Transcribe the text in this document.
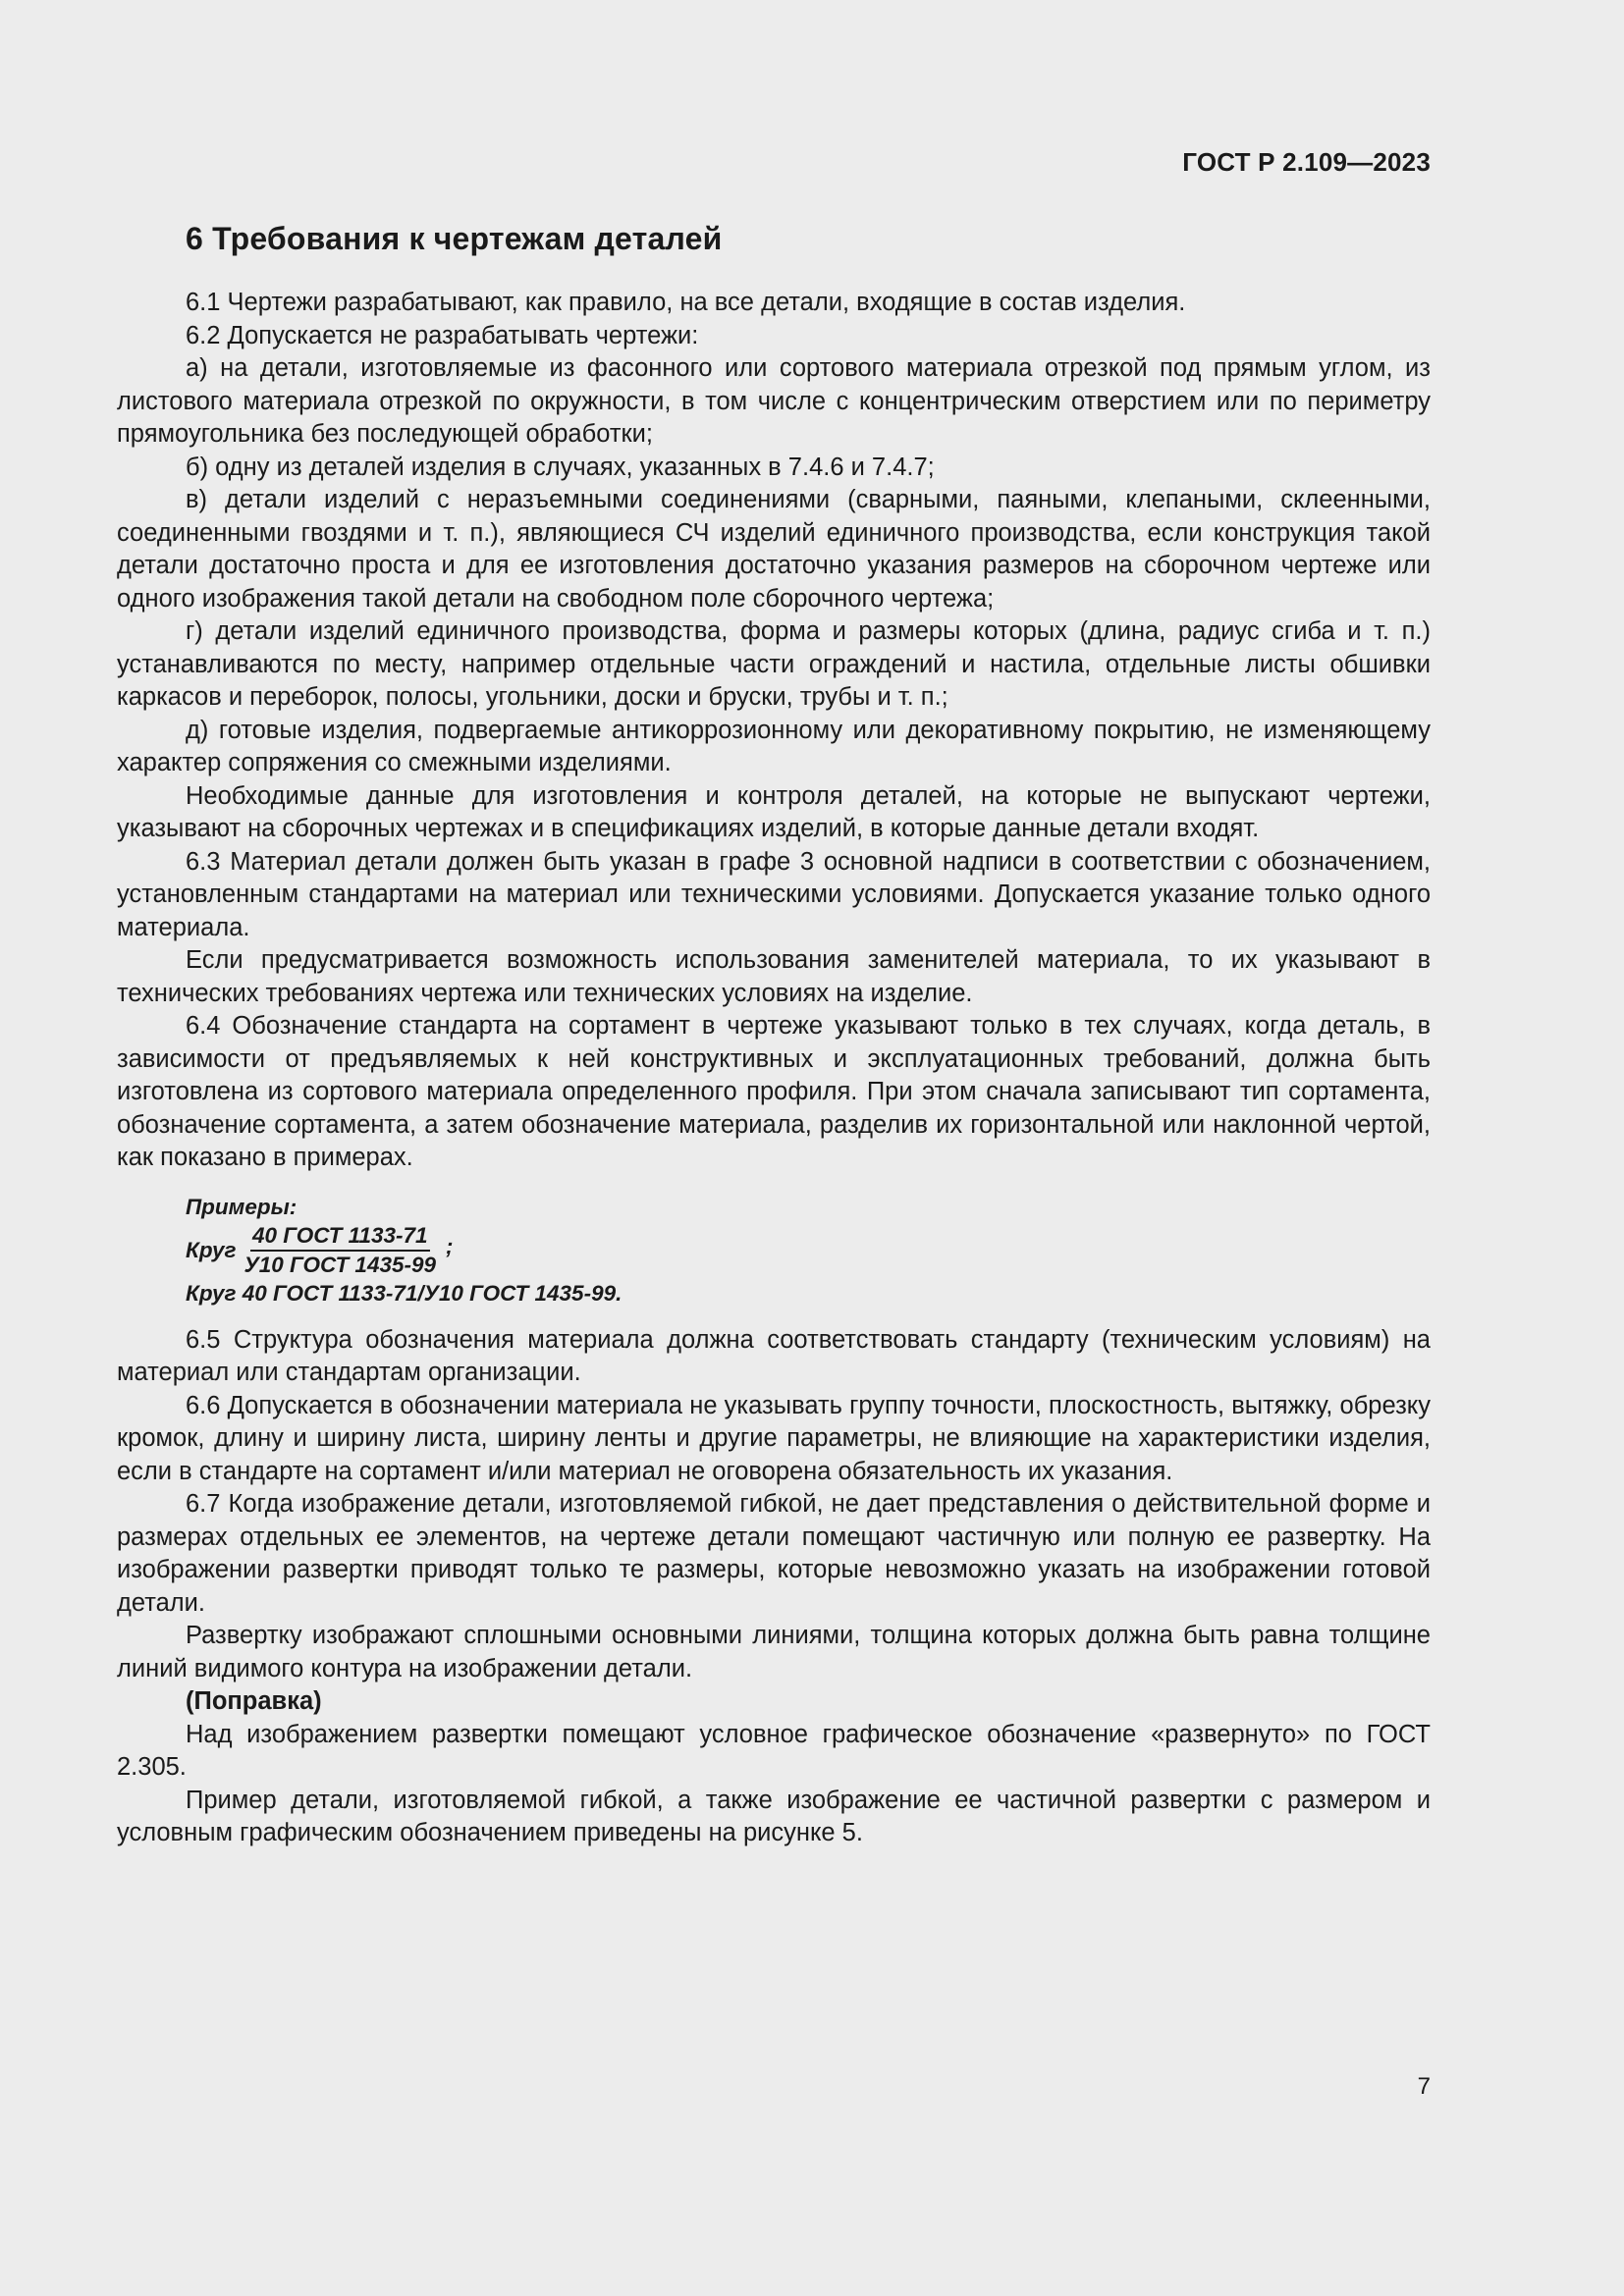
ГОСТ Р 2.109—2023
6 Требования к чертежам деталей

6.1 Чертежи разрабатывают, как правило, на все детали, входящие в состав изделия.

6.2 Допускается не разрабатывать чертежи:

а) на детали, изготовляемые из фасонного или сортового материала отрезкой под прямым углом, из листового материала отрезкой по окружности, в том числе с концентрическим отверстием или по периметру прямоугольника без последующей обработки;

б) одну из деталей изделия в случаях, указанных в 7.4.6 и 7.4.7;

в) детали изделий с неразъемными соединениями (сварными, паяными, клепаными, склеенными, соединенными гвоздями и т. п.), являющиеся СЧ изделий единичного производства, если конструкция такой детали достаточно проста и для ее изготовления достаточно указания размеров на сборочном чертеже или одного изображения такой детали на свободном поле сборочного чертежа;

г) детали изделий единичного производства, форма и размеры которых (длина, радиус сгиба и т. п.) устанавливаются по месту, например отдельные части ограждений и настила, отдельные листы обшивки каркасов и переборок, полосы, угольники, доски и бруски, трубы и т. п.;

д) готовые изделия, подвергаемые антикоррозионному или декоративному покрытию, не изменяющему характер сопряжения со смежными изделиями.

Необходимые данные для изготовления и контроля деталей, на которые не выпускают чертежи, указывают на сборочных чертежах и в спецификациях изделий, в которые данные детали входят.

6.3 Материал детали должен быть указан в графе 3 основной надписи в соответствии с обозначением, установленным стандартами на материал или техническими условиями. Допускается указание только одного материала.

Если предусматривается возможность использования заменителей материала, то их указывают в технических требованиях чертежа или технических условиях на изделие.

6.4 Обозначение стандарта на сортамент в чертеже указывают только в тех случаях, когда деталь, в зависимости от предъявляемых к ней конструктивных и эксплуатационных требований, должна быть изготовлена из сортового материала определенного профиля. При этом сначала записывают тип сортамента, обозначение сортамента, а затем обозначение материала, разделив их горизонтальной или наклонной чертой, как показано в примерах.

Примеры:
Круг $\frac{\text{40 ГОСТ 1133-71}}{\text{У10 ГОСТ 1435-99}}$ ;
Круг 40 ГОСТ 1133-71/У10 ГОСТ 1435-99.

6.5 Структура обозначения материала должна соответствовать стандарту (техническим условиям) на материал или стандартам организации.

6.6 Допускается в обозначении материала не указывать группу точности, плоскостность, вытяжку, обрезку кромок, длину и ширину листа, ширину ленты и другие параметры, не влияющие на характеристики изделия, если в стандарте на сортамент и/или материал не оговорена обязательность их указания.

6.7 Когда изображение детали, изготовляемой гибкой, не дает представления о действительной форме и размерах отдельных ее элементов, на чертеже детали помещают частичную или полную ее развертку. На изображении развертки приводят только те размеры, которые невозможно указать на изображении готовой детали.

Развертку изображают сплошными основными линиями, толщина которых должна быть равна толщине линий видимого контура на изображении детали.

(Поправка)

Над изображением развертки помещают условное графическое обозначение «развернуто» по ГОСТ 2.305.

Пример детали, изготовляемой гибкой, а также изображение ее частичной развертки с размером и условным графическим обозначением приведены на рисунке 5.

7
